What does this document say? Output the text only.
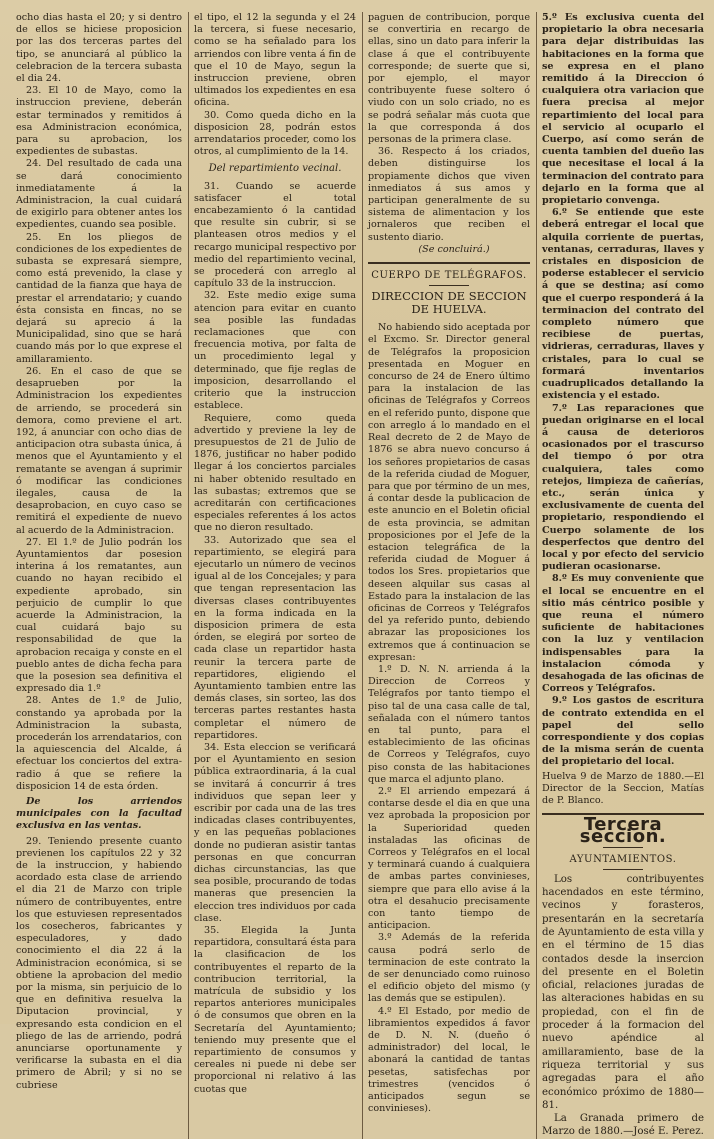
ocho dias hasta el 20; y si dentro de ellos se hiciese proposicion por las dos terceras partes del tipo, se anunciará al público la celebracion de la tercera subasta el dia 24.

23. El 10 de Mayo, como la instruccion previene, deberán estar terminados y remitidos á esa Administracion económica, para su aprobacion, los expedientes de subastas.

24. Del resultado de cada una se dará conocimiento inmediatamente á la Administracion, la cual cuidará de exigirlo para obtener antes los expedientes, cuando sea posible.

25. En los pliegos de condiciones de los expedientes de subasta se expresará siempre, como está prevenido, la clase y cantidad de la fianza que haya de prestar el arrendatario; y cuando ésta consista en fincas, no se dejará su aprecio á la Municipalidad, sino que se hará cuando más por lo que exprese el amillaramiento.

26. En el caso de que se desaprueben por la Administracion los expedientes de arriendo, se procederá sin demora, como previene el art. 192, á anunciar con ocho dias de anticipacion otra subasta única, á menos que el Ayuntamiento y el rematante se avengan á suprimir ó modificar las condiciones ilegales, causa de la desaprobacion, en cuyo caso se remitirá el expediente de nuevo al acuerdo de la Administracion.

27. El 1.º de Julio podrán los Ayuntamientos dar posesion interina á los rematantes, aun cuando no hayan recibido el expediente aprobado, sin perjuicio de cumplir lo que acuerde la Administracion, la cual cuidará bajo su responsabilidad de que la aprobacion recaiga y conste en el pueblo antes de dicha fecha para que la posesion sea definitiva el expresado dia 1.º

28. Antes de 1.º de Julio, constando ya aprobada por la Administracion la subasta, procederán los arrendatarios, con la aquiescencia del Alcalde, á efectuar los conciertos del extra-radio á que se refiere la disposicion 14 de esta órden.

De los arriendos municipales con la facultad exclusiva en las ventas.

29. Teniendo presente cuanto previenen los capítulos 22 y 32 de la instruccion, y habiendo acordado esta clase de arriendo el dia 21 de Marzo con triple número de contribuyentes, entre los que estuviesen representados los cosecheros, fabricantes y especuladores, y dado conocimiento el dia 22 á la Administracion económica, si se obtiene la aprobacion del medio por la misma, sin perjuicio de lo que en definitiva resuelva la Diputacion provincial, y expresando esta condicion en el pliego de las de arriendo, podrá anunciarse oportunamente y verificarse la subasta en el dia primero de Abril; y si no se cubriese

el tipo, el 12 la segunda y el 24 la tercera, si fuese necesario, como se ha señalado para los arriendos con libre venta á fin de que el 10 de Mayo, segun la instruccion previene, obren ultimados los expedientes en esa oficina.

30. Como queda dicho en la disposicion 28, podrán estos arrendatarios proceder, como los otros, al cumplimiento de la 14.

Del repartimiento vecinal.

31. Cuando se acuerde satisfacer el total encabezamiento ó la cantidad que resulte sin cubrir, si se planteasen otros medios y el recargo municipal respectivo por medio del repartimiento vecinal, se procederá con arreglo al capítulo 33 de la instruccion.

32. Este medio exige suma atencion para evitar en cuanto sea posible las fundadas reclamaciones que con frecuencia motiva, por falta de un procedimiento legal y determinado, que fije reglas de imposicion, desarrollando el criterio que la instruccion establece.

Requiere, como queda advertido y previene la ley de presupuestos de 21 de Julio de 1876, justificar no haber podido llegar á los conciertos parciales ni haber obtenido resultado en las subastas; extremos que se acreditarán con certificaciones especiales referentes á los actos que no dieron resultado.

33. Autorizado que sea el repartimiento, se elegirá para ejecutarlo un número de vecinos igual al de los Concejales; y para que tengan representacion las diversas clases contribuyentes en la forma indicada en la disposicion primera de esta órden, se elegirá por sorteo de cada clase un repartidor hasta reunir la tercera parte de repartidores, eligiendo el Ayuntamiento tambien entre las demás clases, sin sorteo, las dos terceras partes restantes hasta completar el número de repartidores.

34. Esta eleccion se verificará por el Ayuntamiento en sesion pública extraordinaria, á la cual se invitará á concurrir á tres individuos que sepan leer y escribir por cada una de las tres indicadas clases contribuyentes, y en las pequeñas poblaciones donde no pudieran asistir tantas personas en que concurran dichas circunstancias, las que sea posible, procurando de todas maneras que presencien la eleccion tres individuos por cada clase.

35. Elegida la Junta repartidora, consultará ésta para la clasificacion de los contribuyentes el reparto de la contribucion territorial, la matrícula de subsidio y los repartos anteriores municipales ó de consumos que obren en la Secretaría del Ayuntamiento; teniendo muy presente que el repartimiento de consumos y cereales ni puede ni debe ser proporcional ni relativo á las cuotas que

paguen de contribucion, porque se convertiria en recargo de ellas, sino un dato para inferir la clase á que el contribuyente corresponde; de suerte que si, por ejemplo, el mayor contribuyente fuese soltero ó viudo con un solo criado, no es se podrá señalar más cuota que la que corresponda á dos personas de la primera clase.

36. Respecto á los criados, deben distinguirse los propiamente dichos que viven inmediatos á sus amos y participan generalmente de su sistema de alimentacion y los jornaleros que reciben el sustento diario.

(Se concluirá.)

CUERPO DE TELÉGRAFOS.
DIRECCION DE SECCION
DE HUELVA.

No habiendo sido aceptada por el Excmo. Sr. Director general de Telégrafos la proposicion presentada en Moguer en concurso de 24 de Enero último para la instalacion de las oficinas de Telégrafos y Correos en el referido punto, dispone que con arreglo á lo mandado en el Real decreto de 2 de Mayo de 1876 se abra nuevo concurso á los señores propietarios de casas de la referida ciudad de Moguer, para que por término de un mes, á contar desde la publicacion de este anuncio en el Boletin oficial de esta provincia, se admitan proposiciones por el Jefe de la estacion telegráfica de la referida ciudad de Moguer á todos los Sres. propietarios que deseen alquilar sus casas al Estado para la instalacion de las oficinas de Correos y Telégrafos del ya referido punto, debiendo abrazar las proposiciones los extremos que á continuacion se expresan:

1.º D. N. N. arrienda á la Direccion de Correos y Telégrafos por tanto tiempo el piso tal de una casa calle de tal, señalada con el número tantos en tal punto, para el establecimiento de las oficinas de Correos y Telégrafos, cuyo piso consta de las habitaciones que marca el adjunto plano.

2.º El arriendo empezará á contarse desde el dia en que una vez aprobada la proposicion por la Superioridad queden instaladas las oficinas de Correos y Telégrafos en el local y terminará cuando á cualquiera de ambas partes convinieses, siempre que para ello avise á la otra el desahucio precisamente con tanto tiempo de anticipacion.

3.º Además de la referida causa podrá serlo de terminacion de este contrato la de ser denunciado como ruinoso el edificio objeto del mismo (y las demás que se estipulen).

4.º El Estado, por medio de libramientos expedidos á favor de D. N. N. (dueño ó administrador) del local, le abonará la cantidad de tantas pesetas, satisfechas por trimestres (vencidos ó anticipados segun se convinieses).

5.º Es exclusiva cuenta del propietario la obra necesaria para dejar distribuidas las habitaciones en la forma que se expresa en el plano remitido á la Direccion ó cualquiera otra variacion que fuera precisa al mejor repartimiento del local para el servicio al ocuparlo el Cuerpo, así como serán de cuenta tambien del dueño las que necesitase el local á la terminacion del contrato para dejarlo en la forma que al propietario convenga.

6.º Se entiende que este deberá entregar el local que alquila corriente de puertas, ventanas, cerraduras, llaves y cristales en disposicion de poderse establecer el servicio á que se destina; así como que el cuerpo responderá á la terminacion del contrato del completo número que recibiese de puertas, vidrieras, cerraduras, llaves y cristales, para lo cual se formará inventarios cuadruplicados detallando la existencia y el estado.

7.º Las reparaciones que puedan originarse en el local á causa de deterioros ocasionados por el trascurso del tiempo ó por otra cualquiera, tales como retejos, limpieza de cañerías, etc., serán única y exclusivamente de cuenta del propietario, respondiendo el Cuerpo solamente de los desperfectos que dentro del local y por efecto del servicio pudieran ocasionarse.

8.º Es muy conveniente que el local se encuentre en el sitio más céntrico posible y que reuna el número suficiente de habitaciones con la luz y ventilacion indispensables para la instalacion cómoda y desahogada de las oficinas de Correos y Telégrafos.

9.º Los gastos de escritura de contrato extendida en el papel del sello correspondiente y dos copias de la misma serán de cuenta del propietario del local.

Huelva 9 de Marzo de 1880.—El Director de la Seccion, Matías de P. Blanco.

Tercera seccion.
AYUNTAMIENTOS.

Los contribuyentes hacendados en este término, vecinos y forasteros, presentarán en la secretaría de Ayuntamiento de esta villa y en el término de 15 dias contados desde la insercion del presente en el Boletin oficial, relaciones juradas de las alteraciones habidas en su propiedad, con el fin de proceder á la formacion del nuevo apéndice al amillaramiento, base de la riqueza territorial y sus agregadas para el año económico próximo de 1880—81.

La Granada primero de Marzo de 1880.—José E. Perez.
